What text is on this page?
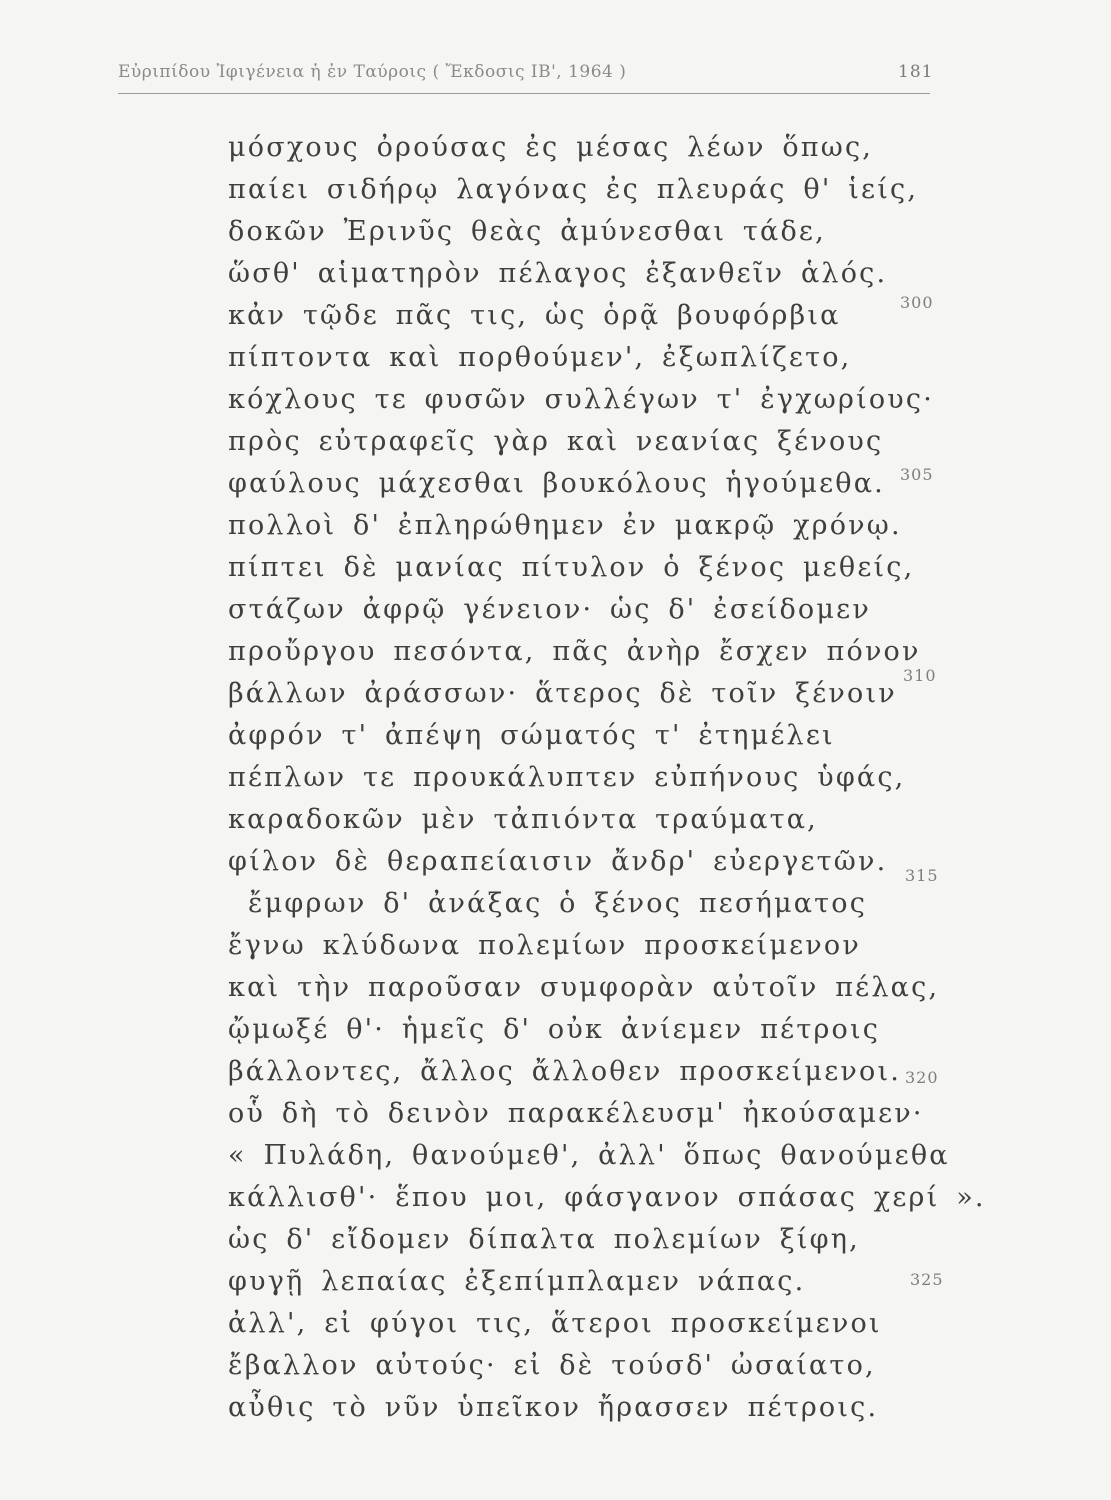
Εὐριπίδου Ἰφιγένεια ἡ ἐν Ταύροις ( Ἔκδοσις ΙΒ', 1964 )	181
μόσχους ὀρούσας ἐς μέσας λέων ὅπως,
παίει σιδήρῳ λαγόνας ἐς πλευράς θ' ἱείς,
δοκῶν Ἐρινῦς θεὰς ἀμύνεσθαι τάδε,
ὥσθ' αἱματηρὸν πέλαγος ἐξανθεῖν ἁλός.
κἀν τῷδε πᾶς τις, ὡς ὁρᾷ βουφόρβια
πίπτοντα καὶ πορθούμεν', ἐξωπλίζετο,
κόχλους τε φυσῶν συλλέγων τ' ἐγχωρίους·
πρὸς εὐτραφεῖς γὰρ καὶ νεανίας ξένους
φαύλους μάχεσθαι βουκόλους ἡγούμεθα.
πολλοὶ δ' ἐπληρώθημεν ἐν μακρῷ χρόνῳ.
πίπτει δὲ μανίας πίτυλον ὁ ξένος μεθείς,
στάζων ἀφρῷ γένειον· ὡς δ' ἐσείδομεν
προὔργου πεσόντα, πᾶς ἀνὴρ ἔσχεν πόνον
βάλλων ἀράσσων· ἅτερος δὲ τοῖν ξένοιν
ἀφρόν τ' ἀπέψη σώματός τ' ἐτημέλει
πέπλων τε προυκάλυπτεν εὐπήνους ὑφάς,
καραδοκῶν μὲν τἀπιόντα τραύματα,
φίλον δὲ θεραπείαισιν ἄνδρ' εὐεργετῶν.
ἔμφρων δ' ἀνάξας ὁ ξένος πεσήματος
ἔγνω κλύδωνα πολεμίων προσκείμενον
καὶ τὴν παροῦσαν συμφορὰν αὐτοῖν πέλας,
ᾤμωξέ θ'· ἡμεῖς δ' οὐκ ἀνίεμεν πέτροις
βάλλοντες, ἄλλος ἄλλοθεν προσκείμενοι.
οὗ δὴ τὸ δεινὸν παρακέλευσμ' ἠκούσαμεν·
« Πυλάδη, θανούμεθ', ἀλλ' ὅπως θανούμεθα
κάλλισθ'· ἕπου μοι, φάσγανον σπάσας χερί ».
ὡς δ' εἴδομεν δίπαλτα πολεμίων ξίφη,
φυγῇ λεπαίας ἐξεπίμπλαμεν νάπας.
ἀλλ', εἰ φύγοι τις, ἅτεροι προσκείμενοι
ἔβαλλον αὐτούς· εἰ δὲ τούσδ' ὠσαίατο,
αὖθις τὸ νῦν ὑπεῖκον ἤρασσεν πέτροις.
300
305
310
315
320
325
